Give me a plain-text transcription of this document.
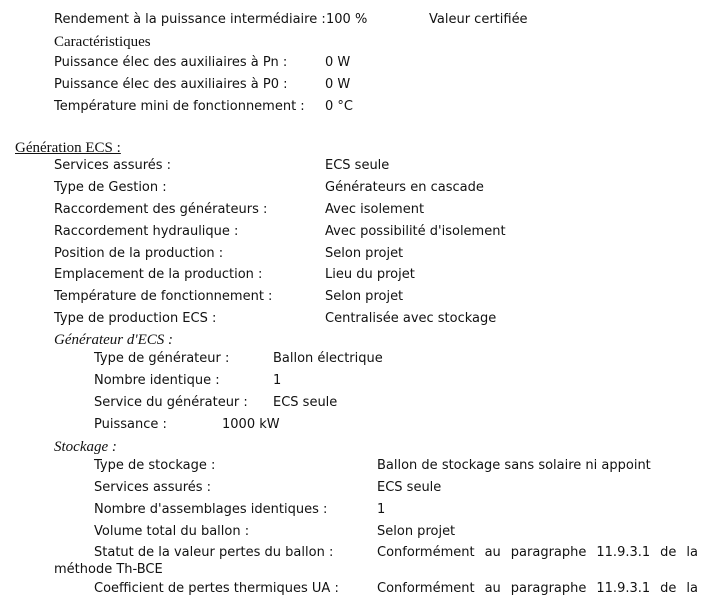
Rendement à la puissance intermédiaire : 100 %	Valeur certifiée
Caractéristiques
Puissance élec des auxiliaires à Pn :	0 W
Puissance élec des auxiliaires à P0 :	0 W
Température mini de fonctionnement : 0 °C
Génération ECS :
Services assurés :	ECS seule
Type de Gestion :	Générateurs en cascade
Raccordement des générateurs :	Avec isolement
Raccordement hydraulique :	Avec possibilité d'isolement
Position de la production :	Selon projet
Emplacement de la production :	Lieu du projet
Température de fonctionnement :	Selon projet
Type de production ECS :	Centralisée avec stockage
Générateur d'ECS :
Type de générateur :	Ballon électrique
Nombre identique :	1
Service du générateur : ECS seule
Puissance :	1000 kW
Stockage :
Type de stockage :	Ballon de stockage sans solaire ni appoint
Services assurés :	ECS seule
Nombre d'assemblages identiques :	1
Volume total du ballon :	Selon projet
Statut de la valeur pertes du ballon :	Conformément au paragraphe 11.9.3.1 de la
méthode Th-BCE
Coefficient de pertes thermiques UA :	Conformément au paragraphe 11.9.3.1 de la
